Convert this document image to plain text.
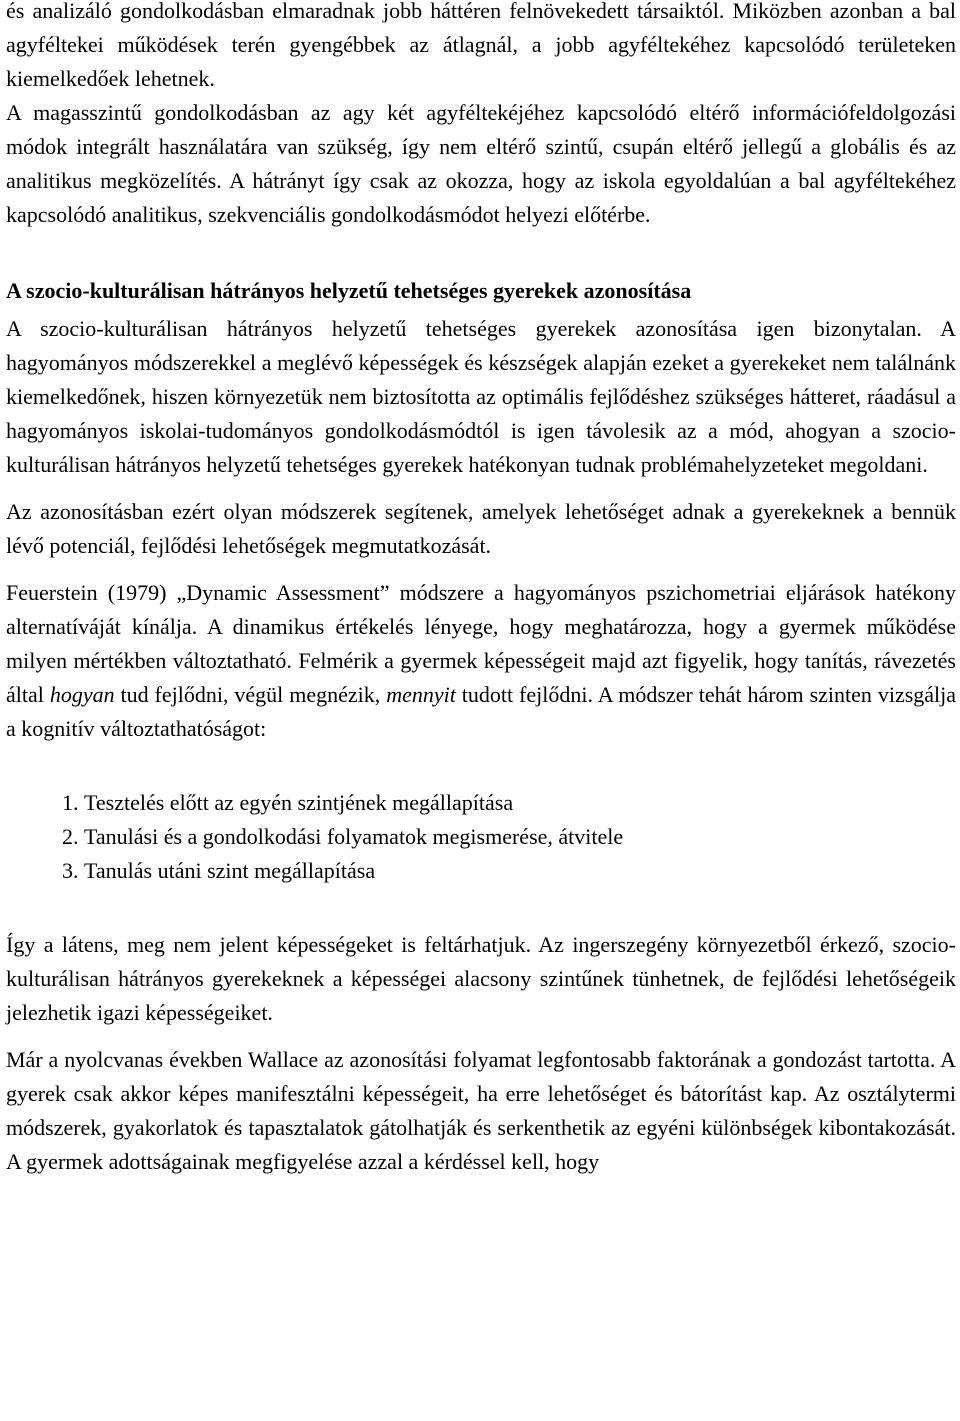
és analizáló gondolkodásban elmaradnak jobb háttéren felnövekedett társaiktól. Miközben azonban a bal agyféltekei működések terén gyengébbek az átlagnál, a jobb agyféltekéhez kapcsolódó területeken kiemelkedőek lehetnek.

A magasszintű gondolkodásban az agy két agyféltekéjéhez kapcsolódó eltérő információfeldolgozási módok integrált használatára van szükség, így nem eltérő szintű, csupán eltérő jellegű a globális és az analitikus megközelítés. A hátrányt így csak az okozza, hogy az iskola egyoldalúan a bal agyféltekéhez kapcsolódó analitikus, szekvenciális gondolkodásmódot helyezi előtérbe.

A szocio-kulturálisan hátrányos helyzetű tehetséges gyerekek azonosítása

A szocio-kulturálisan hátrányos helyzetű tehetséges gyerekek azonosítása igen bizonytalan. A hagyományos módszerekkel a meglévő képességek és készségek alapján ezeket a gyerekeket nem találnánk kiemelkedőnek, hiszen környezetük nem biztosította az optimális fejlődéshez szükséges hátteret, ráadásul a hagyományos iskolai-tudományos gondolkodásmódtól is igen távolesik az a mód, ahogyan a szocio-kulturálisan hátrányos helyzetű tehetséges gyerekek hatékonyan tudnak problémahelyzeteket megoldani.

Az azonosításban ezért olyan módszerek segítenek, amelyek lehetőséget adnak a gyerekeknek a bennük lévő potenciál, fejlődési lehetőségek megmutatkozását.

Feuerstein (1979) „Dynamic Assessment” módszere a hagyományos pszichometriai eljárások hatékony alternatíváját kínálja. A dinamikus értékelés lényege, hogy meghatározza, hogy a gyermek működése milyen mértékben változtatható. Felmérik a gyermek képességeit majd azt figyelik, hogy tanítás, rávezetés által hogyan tud fejlődni, végül megnézik, mennyit tudott fejlődni. A módszer tehát három szinten vizsgálja a kognitív változtathatóságot:

1. Tesztelés előtt az egyén szintjének megállapítása
2. Tanulási és a gondolkodási folyamatok megismerése, átvitele
3. Tanulás utáni szint megállapítása

Így a látens, meg nem jelent képességeket is feltárhatjuk. Az ingerszegény környezetből érkező, szocio-kulturálisan hátrányos gyerekeknek a képességei alacsony szintűnek tünhetnek, de fejlődési lehetőségeik jelezhetik igazi képességeiket.

Már a nyolcvanas években Wallace az azonosítási folyamat legfontosabb faktorának a gondozást tartotta. A gyerek csak akkor képes manifesztálni képességeit, ha erre lehetőséget és bátorítást kap. Az osztálytermi módszerek, gyakorlatok és tapasztalatok gátolhatják és serkenthetik az egyéni különbségek kibontakozását. A gyermek adottságainak megfigyelése azzal a kérdéssel kell, hogy
